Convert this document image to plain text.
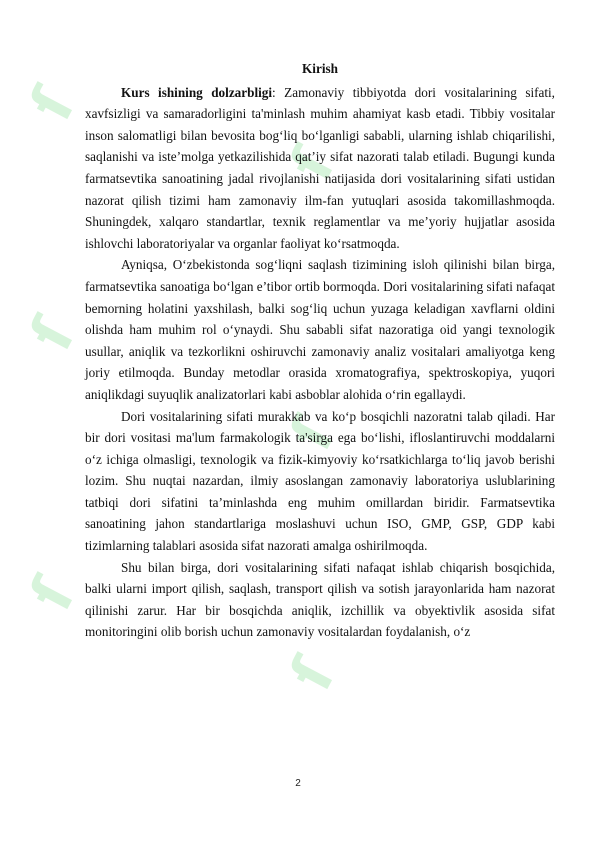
ſ
ſ
ſ
ſ
ſ
ſ
Kirish

Kurs ishining dolzarbligi: Zamonaviy tibbiyotda dori vositalarining sifati, xavfsizligi va samaradorligini ta'minlash muhim ahamiyat kasb etadi. Tibbiy vositalar inson salomatligi bilan bevosita bog‘liq bo‘lganligi sababli, ularning ishlab chiqarilishi, saqlanishi va iste’molga yetkazilishida qat’iy sifat nazorati talab etiladi. Bugungi kunda farmatsevtika sanoatining jadal rivojlanishi natijasida dori vositalarining sifati ustidan nazorat qilish tizimi ham zamonaviy ilm-fan yutuqlari asosida takomillashmoqda. Shuningdek, xalqaro standartlar, texnik reglamentlar va me’yoriy hujjatlar asosida ishlovchi laboratoriyalar va organlar faoliyat ko‘rsatmoqda.

Ayniqsa, O‘zbekistonda sog‘liqni saqlash tizimining isloh qilinishi bilan birga, farmatsevtika sanoatiga bo‘lgan e’tibor ortib bormoqda. Dori vositalarining sifati nafaqat bemorning holatini yaxshilash, balki sog‘liq uchun yuzaga keladigan xavflarni oldini olishda ham muhim rol o‘ynaydi. Shu sababli sifat nazoratiga oid yangi texnologik usullar, aniqlik va tezkorlikni oshiruvchi zamonaviy analiz vositalari amaliyotga keng joriy etilmoqda. Bunday metodlar orasida xromatografiya, spektroskopiya, yuqori aniqlikdagi suyuqlik analizatorlari kabi asboblar alohida o‘rin egallaydi.

Dori vositalarining sifati murakkab va ko‘p bosqichli nazoratni talab qiladi. Har bir dori vositasi ma'lum farmakologik ta'sirga ega bo‘lishi, ifloslantiruvchi moddalarni o‘z ichiga olmasligi, texnologik va fizik-kimyoviy ko‘rsatkichlarga to‘liq javob berishi lozim. Shu nuqtai nazardan, ilmiy asoslangan zamonaviy laboratoriya uslublarining tatbiqi dori sifatini ta’minlashda eng muhim omillardan biridir. Farmatsevtika sanoatining jahon standartlariga moslashuvi uchun ISO, GMP, GSP, GDP kabi tizimlarning talablari asosida sifat nazorati amalga oshirilmoqda.

Shu bilan birga, dori vositalarining sifati nafaqat ishlab chiqarish bosqichida, balki ularni import qilish, saqlash, transport qilish va sotish jarayonlarida ham nazorat qilinishi zarur. Har bir bosqichda aniqlik, izchillik va obyektivlik asosida sifat monitoringini olib borish uchun zamonaviy vositalardan foydalanish, o‘z

2
